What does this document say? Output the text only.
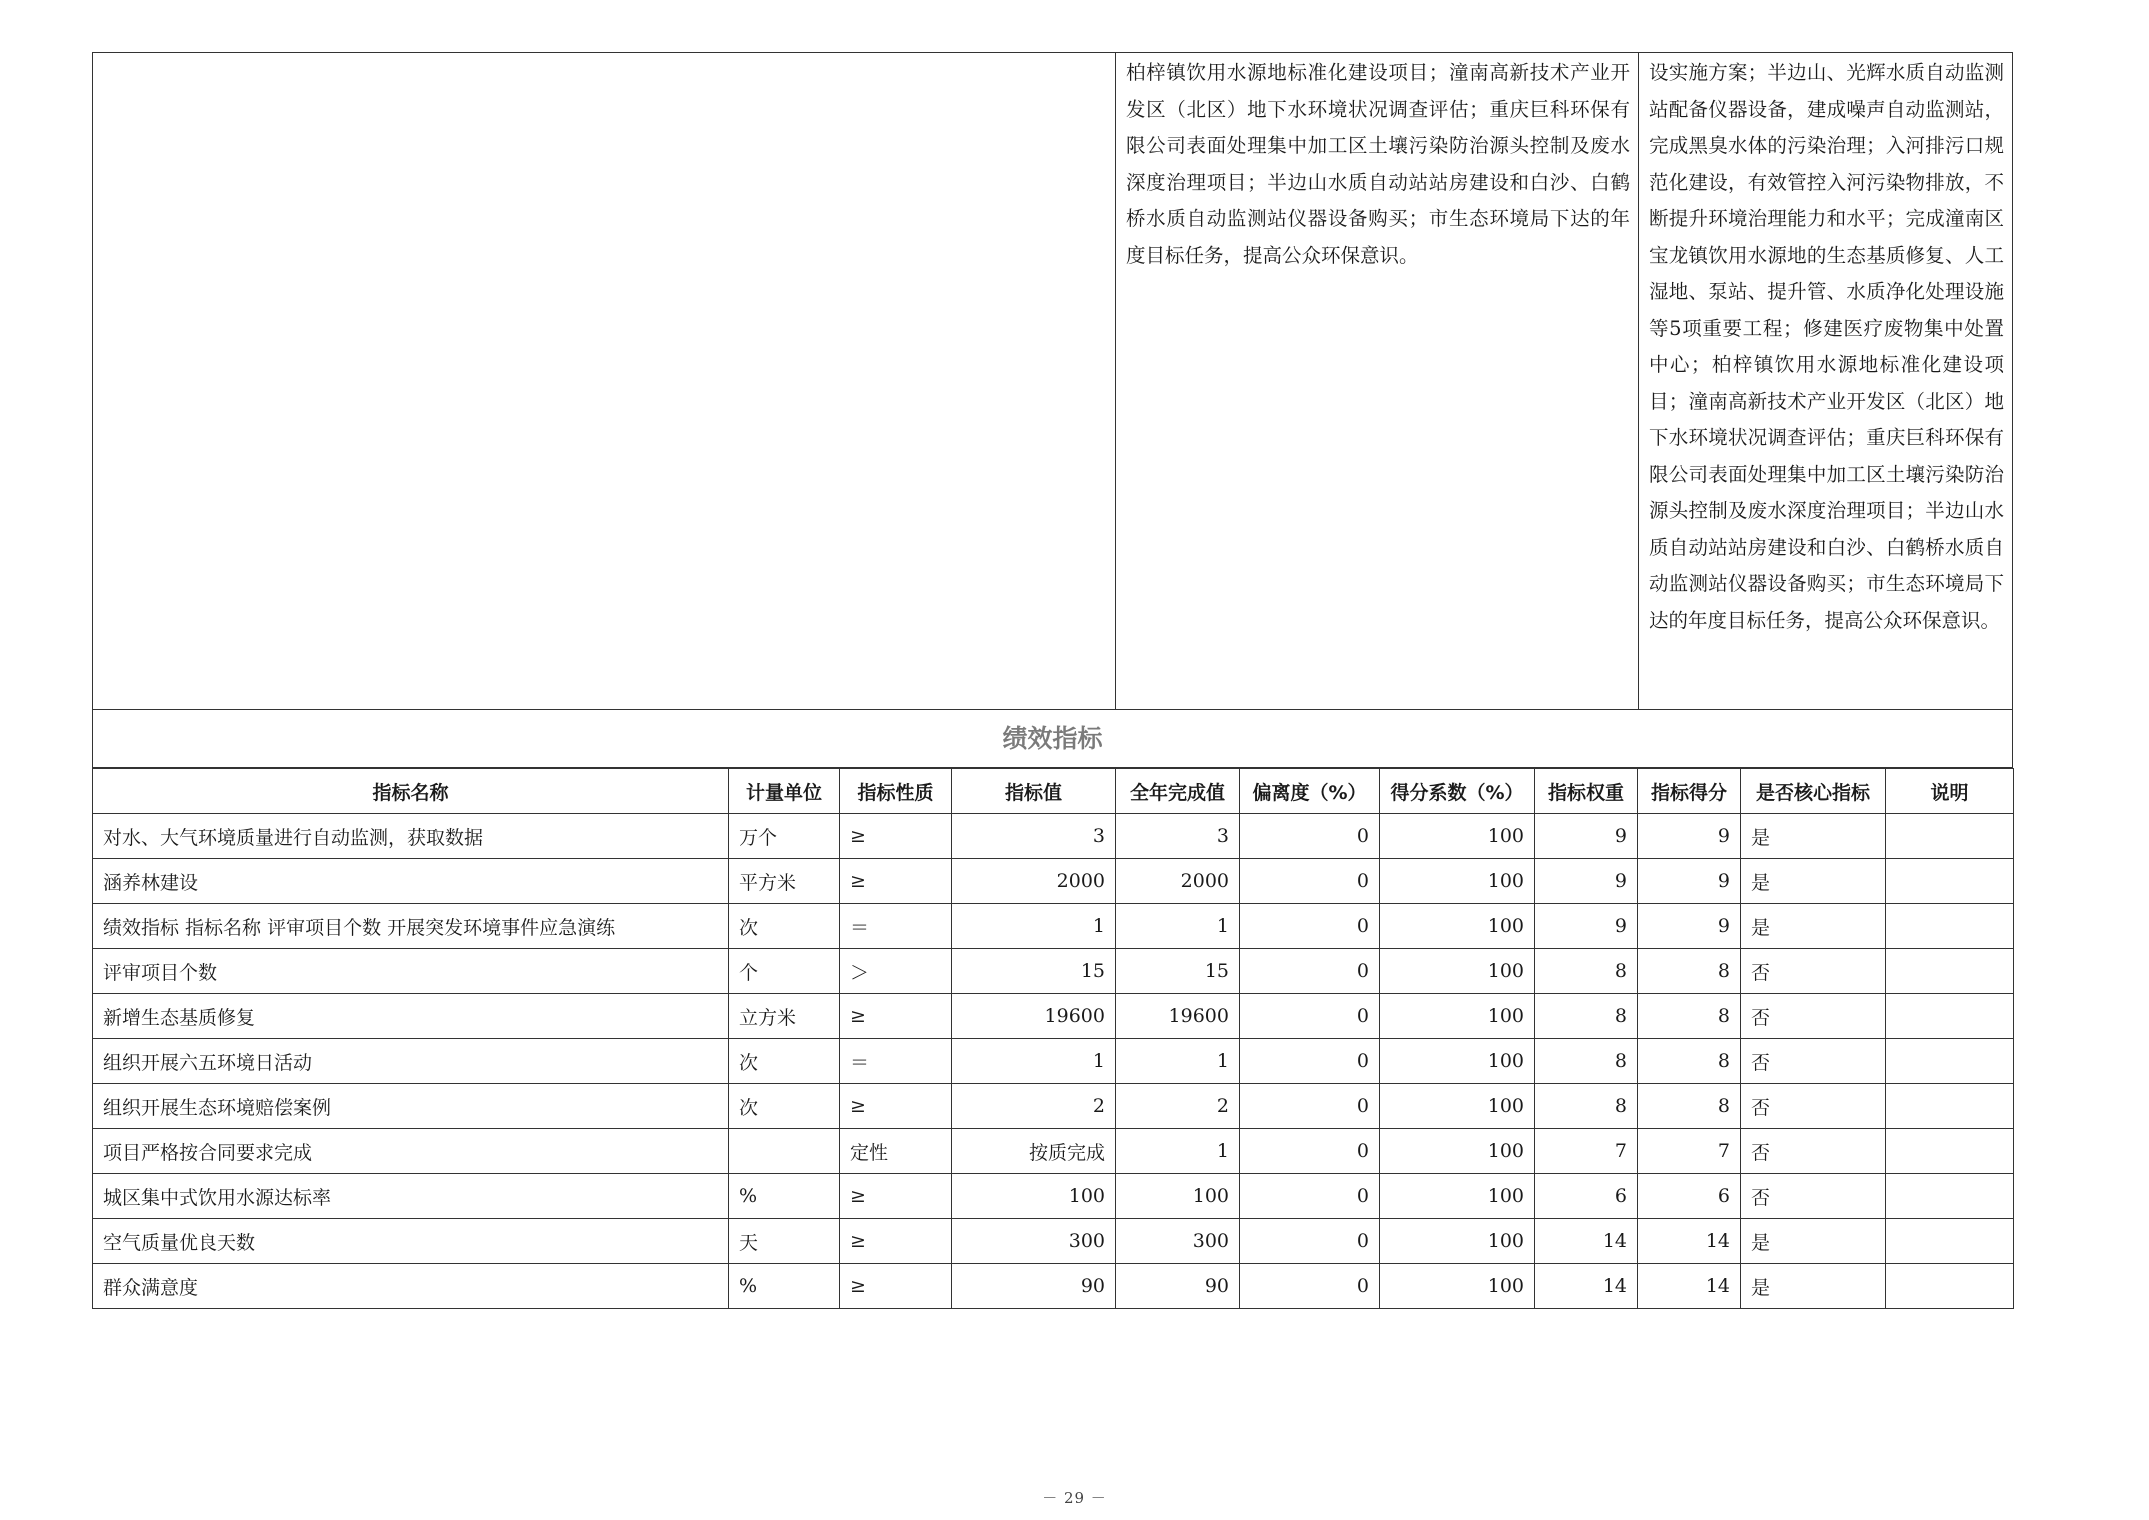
柏梓镇饮用水源地标准化建设项目；潼南高新技术产业开发区（北区）地下水环境状况调查评估；重庆巨科环保有限公司表面处理集中加工区土壤污染防治源头控制及废水深度治理项目；半边山水质自动站站房建设和白沙、白鹤桥水质自动监测站仪器设备购买；市生态环境局下达的年度目标任务，提高公众环保意识。
设实施方案；半边山、光辉水质自动监测站配备仪器设备，建成噪声自动监测站，完成黑臭水体的污染治理；入河排污口规范化建设，有效管控入河污染物排放，不断提升环境治理能力和水平；完成潼南区宝龙镇饮用水源地的生态基质修复、人工湿地、泵站、提升管、水质净化处理设施等5项重要工程；修建医疗废物集中处置中心；柏梓镇饮用水源地标准化建设项目；潼南高新技术产业开发区（北区）地下水环境状况调查评估；重庆巨科环保有限公司表面处理集中加工区土壤污染防治源头控制及废水深度治理项目；半边山水质自动站站房建设和白沙、白鹤桥水质自动监测站仪器设备购买；市生态环境局下达的年度目标任务，提高公众环保意识。
绩效指标
指标名称	计量单位	指标性质	指标值	全年完成值	偏离度（%）	得分系数（%）	指标权重	指标得分	是否核心指标	说明
对水、大气环境质量进行自动监测，获取数据	万个	≥	3	3	0	100	9	9	是	
涵养林建设	平方米	≥	2000	2000	0	100	9	9	是	
绩效指标 指标名称 评审项目个数 开展突发环境事件应急演练	次	＝	1	1	0	100	9	9	是	
评审项目个数	个	＞	15	15	0	100	8	8	否	
新增生态基质修复	立方米	≥	19600	19600	0	100	8	8	否	
组织开展六五环境日活动	次	＝	1	1	0	100	8	8	否	
组织开展生态环境赔偿案例	次	≥	2	2	0	100	8	8	否	
项目严格按合同要求完成		定性	按质完成	1	0	100	7	7	否	
城区集中式饮用水源达标率	%	≥	100	100	0	100	6	6	否	
空气质量优良天数	天	≥	300	300	0	100	14	14	是	
群众满意度	%	≥	90	90	0	100	14	14	是	
－ 29 －
